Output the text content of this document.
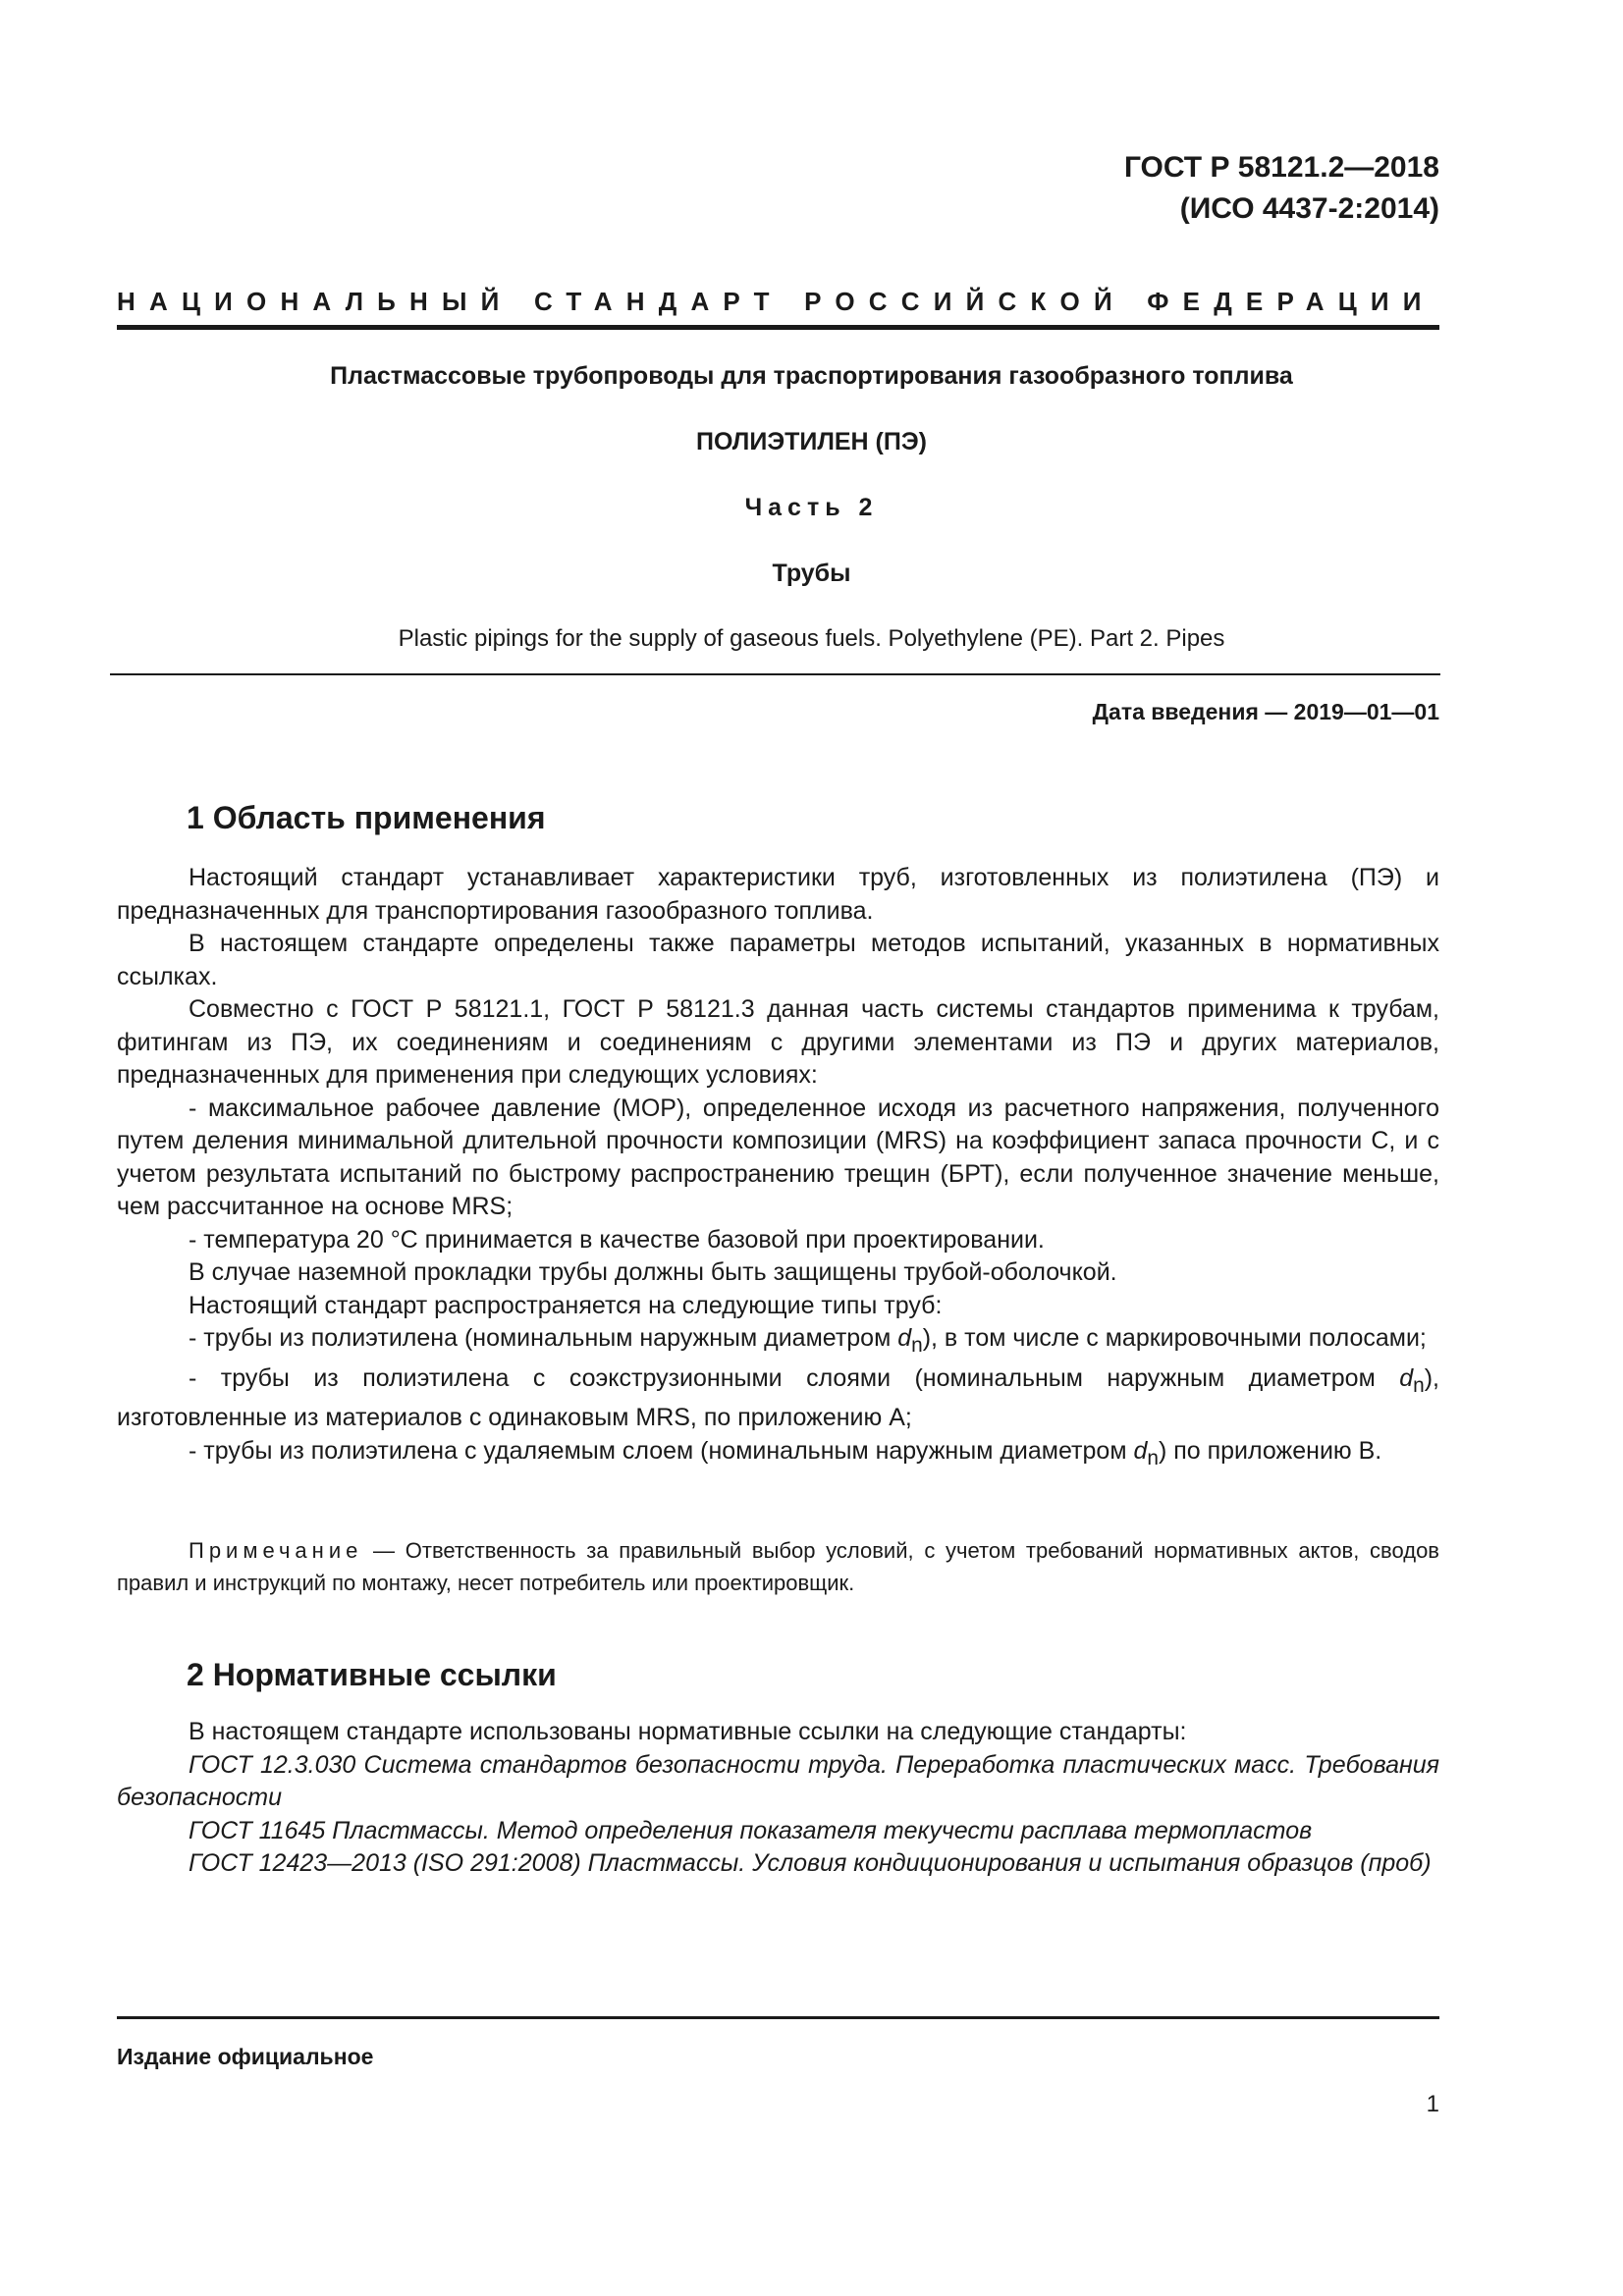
ГОСТ Р 58121.2—2018
(ИСО 4437-2:2014)
НАЦИОНАЛЬНЫЙ СТАНДАРТ РОССИЙСКОЙ ФЕДЕРАЦИИ
Пластмассовые трубопроводы для траспортирования газообразного топлива
ПОЛИЭТИЛЕН (ПЭ)
Часть 2
Трубы
Plastic pipings for the supply of gaseous fuels. Polyethylene (PE). Part 2. Pipes
Дата введения — 2019—01—01
1 Область применения

Настоящий стандарт устанавливает характеристики труб, изготовленных из полиэтилена (ПЭ) и предназначенных для транспортирования газообразного топлива.

В настоящем стандарте определены также параметры методов испытаний, указанных в нормативных ссылках.

Совместно с ГОСТ Р 58121.1, ГОСТ Р 58121.3 данная часть системы стандартов применима к трубам, фитингам из ПЭ, их соединениям и соединениям с другими элементами из ПЭ и других материалов, предназначенных для применения при следующих условиях:

- максимальное рабочее давление (МОР), определенное исходя из расчетного напряжения, полученного путем деления минимальной длительной прочности композиции (MRS) на коэффициент запаса прочности С, и с учетом результата испытаний по быстрому распространению трещин (БРТ), если полученное значение меньше, чем рассчитанное на основе MRS;

- температура 20 °С принимается в качестве базовой при проектировании.

В случае наземной прокладки трубы должны быть защищены трубой-оболочкой.

Настоящий стандарт распространяется на следующие типы труб:

- трубы из полиэтилена (номинальным наружным диаметром $d_n$), в том числе с маркировочными полосами;

- трубы из полиэтилена с соэкструзионными слоями (номинальным наружным диаметром $d_n$), изготовленные из материалов с одинаковым MRS, по приложению А;

- трубы из полиэтилена с удаляемым слоем (номинальным наружным диаметром $d_n$) по приложению В.

Примечание — Ответственность за правильный выбор условий, с учетом требований нормативных актов, сводов правил и инструкций по монтажу, несет потребитель или проектировщик.
2 Нормативные ссылки

В настоящем стандарте использованы нормативные ссылки на следующие стандарты:

ГОСТ 12.3.030 Система стандартов безопасности труда. Переработка пластических масс. Требования безопасности

ГОСТ 11645 Пластмассы. Метод определения показателя текучести расплава термопластов

ГОСТ 12423—2013 (ISO 291:2008) Пластмассы. Условия кондиционирования и испытания образцов (проб)

Издание официальное
1
